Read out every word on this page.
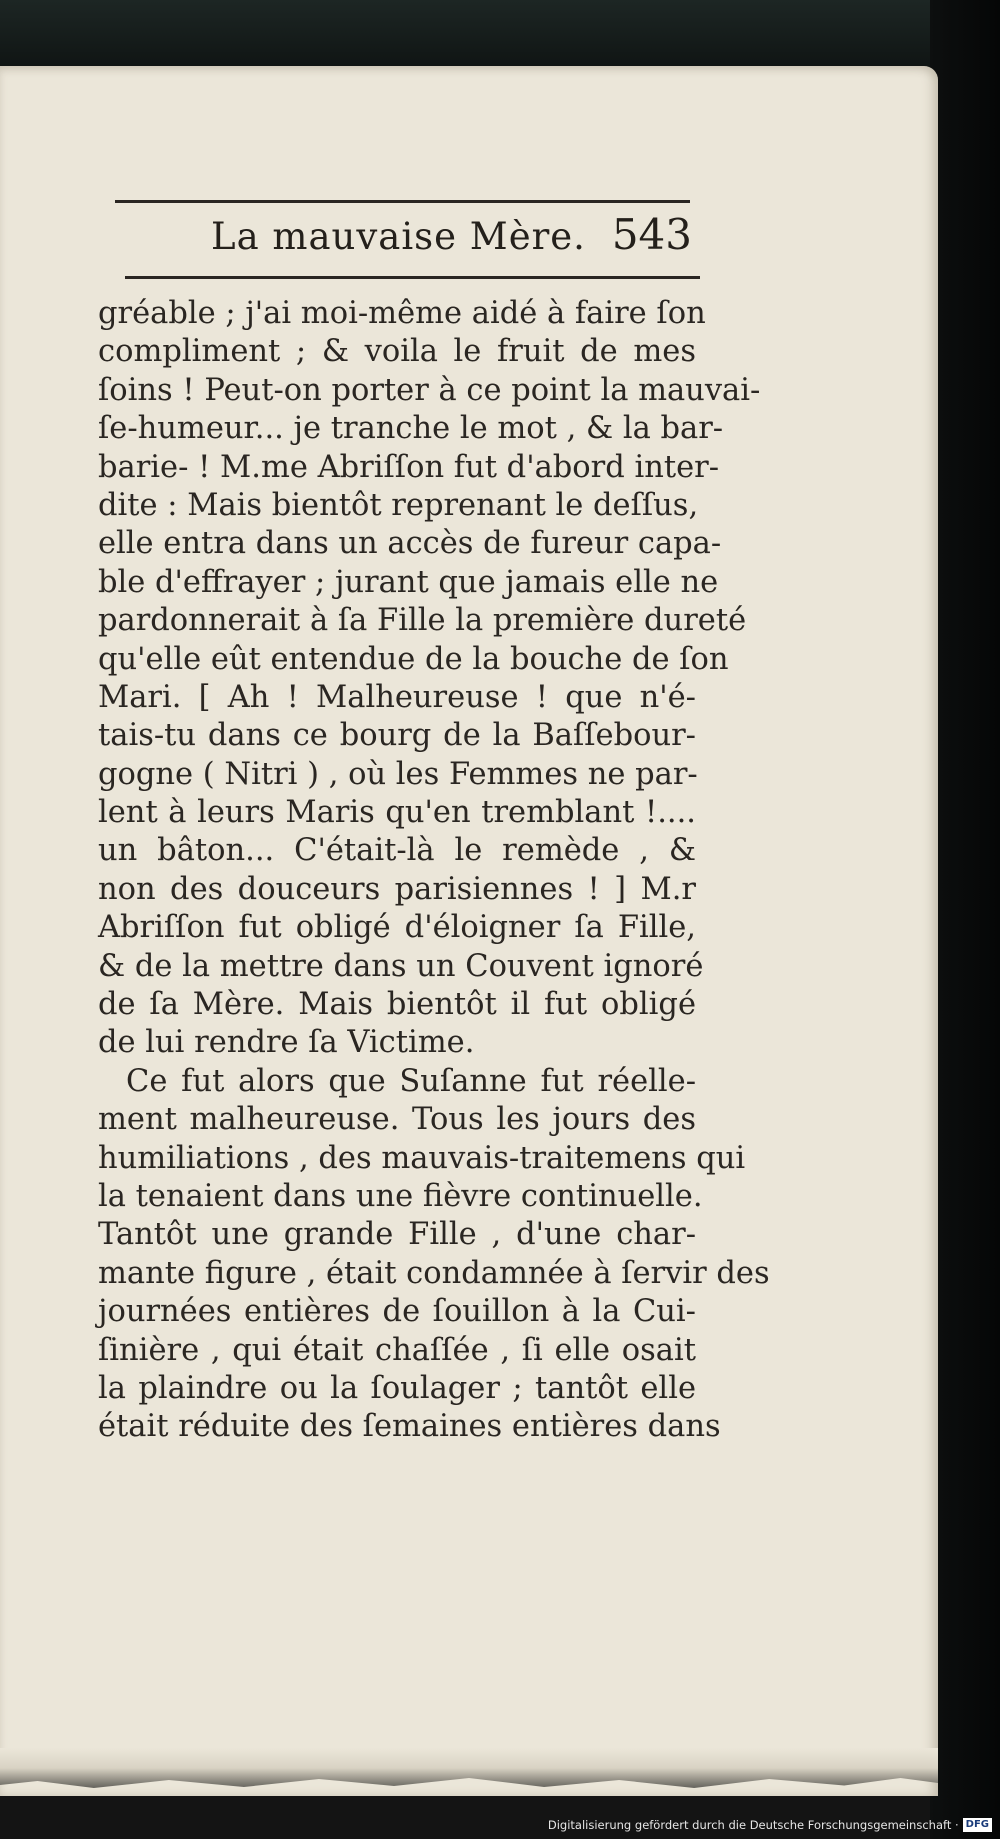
La mauvaise Mère. 543
gréable ; j'ai moi-même aidé à faire ſon
compliment ; & voila le fruit de mes
ſoins ! Peut-on porter à ce point la mauvai-
ſe-humeur... je tranche le mot , & la bar-
barie- ! M.me Abriſſon fut d'abord inter-
dite : Mais bientôt reprenant le deſſus,
elle entra dans un accès de fureur capa-
ble d'effrayer ; jurant que jamais elle ne
pardonnerait à ſa Fille la première dureté
qu'elle eût entendue de la bouche de ſon
Mari. [ Ah ! Malheureuse ! que n'é-
tais-tu dans ce bourg de la Baſſebour-
gogne ( Nitri ) , où les Femmes ne par-
lent à leurs Maris qu'en tremblant !....
un bâton... C'était-là le remède , &
non des douceurs parisiennes ! ] M.r
Abriſſon fut obligé d'éloigner ſa Fille,
& de la mettre dans un Couvent ignoré
de ſa Mère. Mais bientôt il fut obligé
de lui rendre ſa Victime.
Ce fut alors que Suſanne fut réelle-
ment malheureuse. Tous les jours des
humiliations , des mauvais-traitemens qui
la tenaient dans une fièvre continuelle.
Tantôt une grande Fille , d'une char-
mante figure , était condamnée à ſervir des
journées entières de ſouillon à la Cui-
ſinière , qui était chaſſée , ſi elle osait
la plaindre ou la ſoulager ; tantôt elle
était réduite des ſemaines entières dans
Digitalisierung gefördert durch die Deutsche Forschungsgemeinschaft · DFG
